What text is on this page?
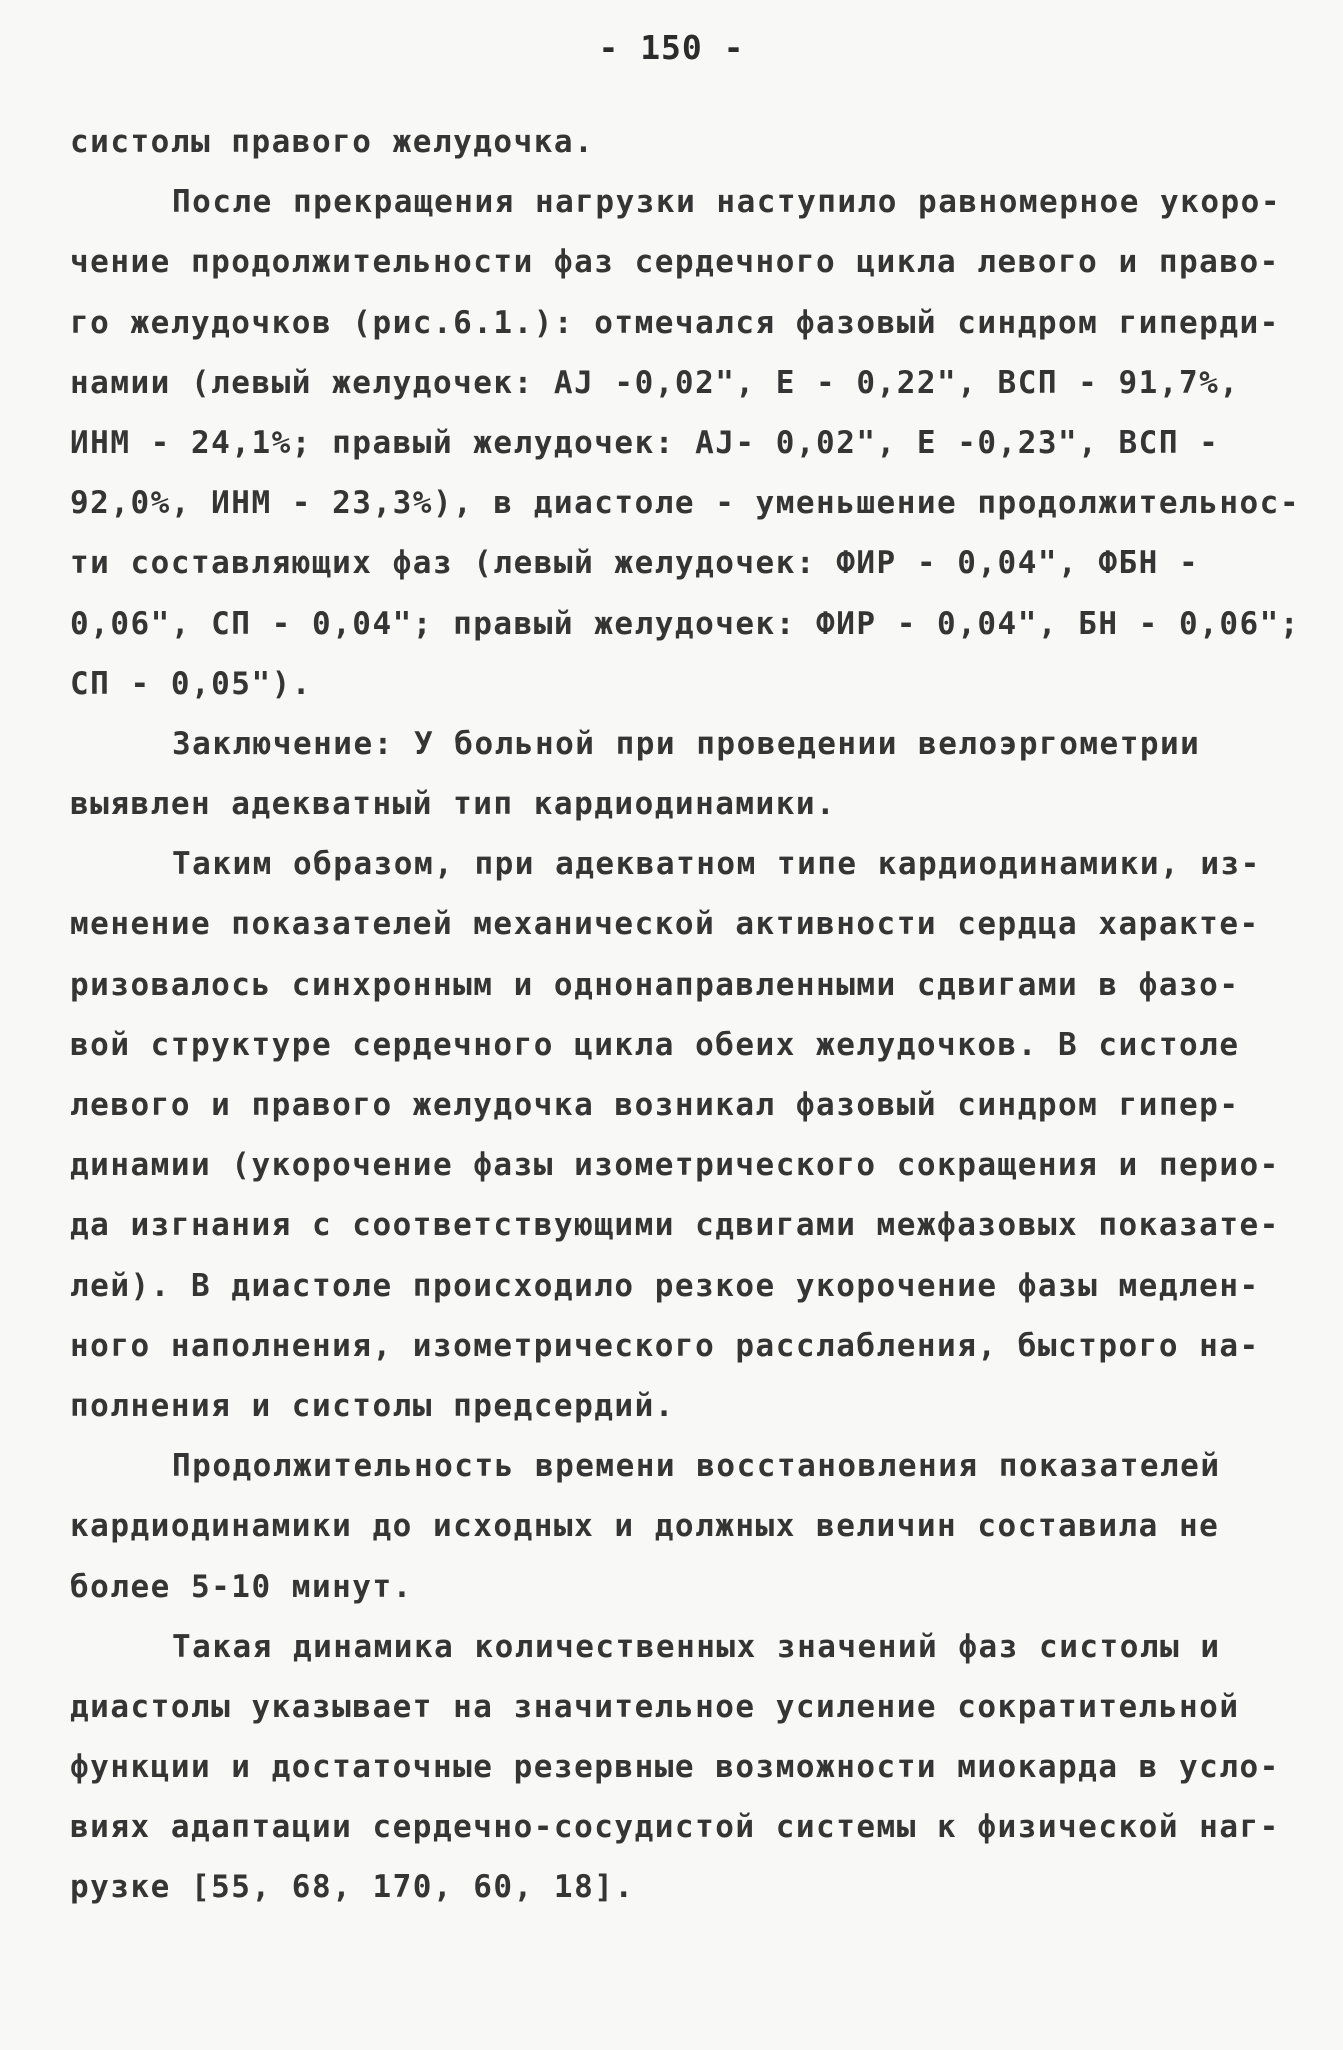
- 150 -

систолы правого желудочка.

После прекращения нагрузки наступило равномерное укоро-
чение продолжительности фаз сердечного цикла левого и право-
го желудочков (рис.6.1.): отмечался фазовый синдром гиперди-
намии (левый желудочек: АЈ -0,02", Е - 0,22", ВСП - 91,7%,
ИНМ - 24,1%; правый желудочек: АЈ- 0,02", Е -0,23", ВСП -
92,0%, ИНМ - 23,3%), в диастоле - уменьшение продолжительнос-
ти составляющих фаз (левый желудочек: ФИР - 0,04", ФБН -
0,06", СП - 0,04"; правый желудочек: ФИР - 0,04", БН - 0,06";
СП - 0,05").

Заключение: У больной при проведении велоэргометрии
выявлен адекватный тип кардиодинамики.

Таким образом, при адекватном типе кардиодинамики, из-
менение показателей механической активности сердца характе-
ризовалось синхронным и однонаправленными сдвигами в фазо-
вой структуре сердечного цикла обеих желудочков. В систоле
левого и правого желудочка возникал фазовый синдром гипер-
динамии (укорочение фазы изометрического сокращения и перио-
да изгнания с соответствующими сдвигами межфазовых показате-
лей). В диастоле происходило резкое укорочение фазы медлен-
ного наполнения, изометрического расслабления, быстрого на-
полнения и систолы предсердий.

Продолжительность времени восстановления показателей
кардиодинамики до исходных и должных величин составила не
более 5-10 минут.

Такая динамика количественных значений фаз систолы и
диастолы указывает на значительное усиление сократительной
функции и достаточные резервные возможности миокарда в усло-
виях адаптации сердечно-сосудистой системы к физической наг-
рузке [55, 68, 170, 60, 18].
